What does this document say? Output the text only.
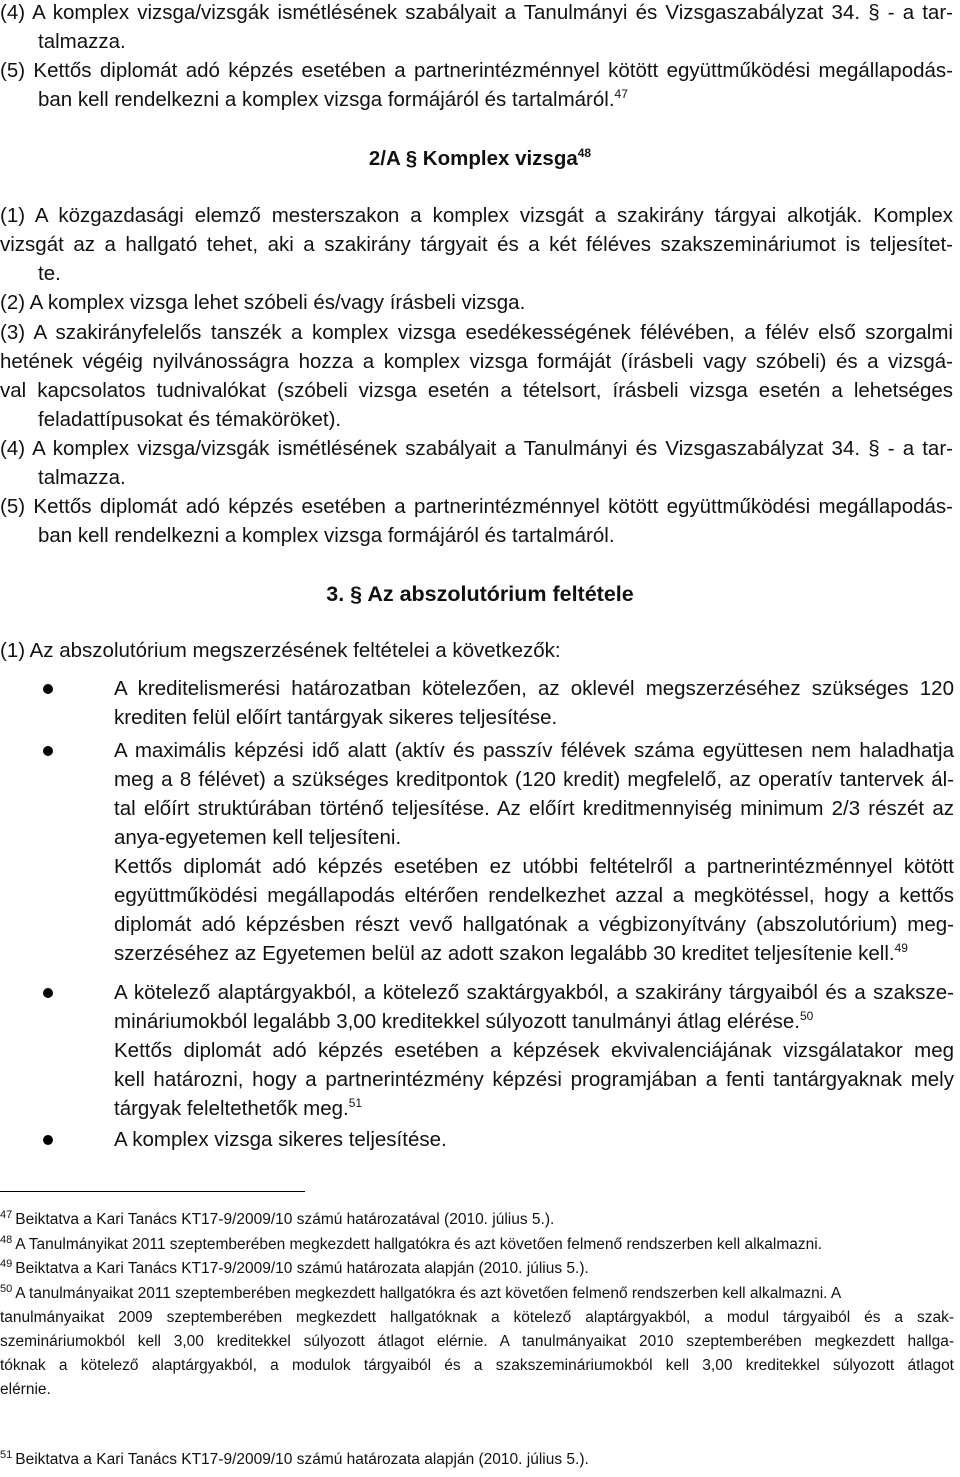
(4) A komplex vizsga/vizsgák ismétlésének szabályait a Tanulmányi és Vizsgaszabályzat 34. § - a tar-
talmazza.
(5) Kettős diplomát adó képzés esetében a partnerintézménnyel kötött együttműködési megállapodás-
ban kell rendelkezni a komplex vizsga formájáról és tartalmáról.$^{47}$
2/A § Komplex vizsga$^{48}$
(1) A közgazdasági elemző mesterszakon a komplex vizsgát a szakirány tárgyai alkotják. Komplex
vizsgát az a hallgató tehet, aki a szakirány tárgyait és a két féléves szakszemináriumot is teljesítet-
te.
(2) A komplex vizsga lehet szóbeli és/vagy írásbeli vizsga.
(3) A szakirányfelelős tanszék a komplex vizsga esedékességének félévében, a félév első szorgalmi
hetének végéig nyilvánosságra hozza a komplex vizsga formáját (írásbeli vagy szóbeli) és a vizsgá-
val kapcsolatos tudnivalókat (szóbeli vizsga esetén a tételsort, írásbeli vizsga esetén a lehetséges
feladattípusokat és témaköröket).
(4) A komplex vizsga/vizsgák ismétlésének szabályait a Tanulmányi és Vizsgaszabályzat 34. § - a tar-
talmazza.
(5) Kettős diplomát adó képzés esetében a partnerintézménnyel kötött együttműködési megállapodás-
ban kell rendelkezni a komplex vizsga formájáról és tartalmáról.
3. § Az abszolutórium feltétele
(1) Az abszolutórium megszerzésének feltételei a következők:
A kreditelismerési határozatban kötelezően, az oklevél megszerzéséhez szükséges 120
krediten felül előírt tantárgyak sikeres teljesítése.
A maximális képzési idő alatt (aktív és passzív félévek száma együttesen nem haladhatja
meg a 8 félévet) a szükséges kreditpontok (120 kredit) megfelelő, az operatív tantervek ál-
tal előírt struktúrában történő teljesítése. Az előírt kreditmennyiség minimum 2/3 részét az
anya-egyetemen kell teljesíteni.
Kettős diplomát adó képzés esetében ez utóbbi feltételről a partnerintézménnyel kötött
együttműködési megállapodás eltérően rendelkezhet azzal a megkötéssel, hogy a kettős
diplomát adó képzésben részt vevő hallgatónak a végbizonyítvány (abszolutórium) meg-
szerzéséhez az Egyetemen belül az adott szakon legalább 30 kreditet teljesítenie kell.$^{49}$
A kötelező alaptárgyakból, a kötelező szaktárgyakból, a szakirány tárgyaiból és a szaksze-
mináriumokból legalább 3,00 kreditekkel súlyozott tanulmányi átlag elérése.$^{50}$
Kettős diplomát adó képzés esetében a képzések ekvivalenciájának vizsgálatakor meg
kell határozni, hogy a partnerintézmény képzési programjában a fenti tantárgyaknak mely
tárgyak feleltethetők meg.$^{51}$
A komplex vizsga sikeres teljesítése.
$^{47}$ Beiktatva a Kari Tanács KT17-9/2009/10 számú határozatával (2010. július 5.).
$^{48}$ A Tanulmányikat 2011 szeptemberében megkezdett hallgatókra és azt követően felmenő rendszerben kell alkalmazni.
$^{49}$ Beiktatva a Kari Tanács KT17-9/2009/10 számú határozata alapján (2010. július 5.).
$^{50}$ A tanulmányaikat 2011 szeptemberében megkezdett hallgatókra és azt követően felmenő rendszerben kell alkalmazni. A
tanulmányaikat 2009 szeptemberében megkezdett hallgatóknak a kötelező alaptárgyakból, a modul tárgyaiból és a szak-
szemináriumokból kell 3,00 kreditekkel súlyozott átlagot elérnie. A tanulmányaikat 2010 szeptemberében megkezdett hallga-
tóknak a kötelező alaptárgyakból, a modulok tárgyaiból és a szakszemináriumokból kell 3,00 kreditekkel súlyozott átlagot
elérnie.
$^{51}$ Beiktatva a Kari Tanács KT17-9/2009/10 számú határozata alapján (2010. július 5.).
